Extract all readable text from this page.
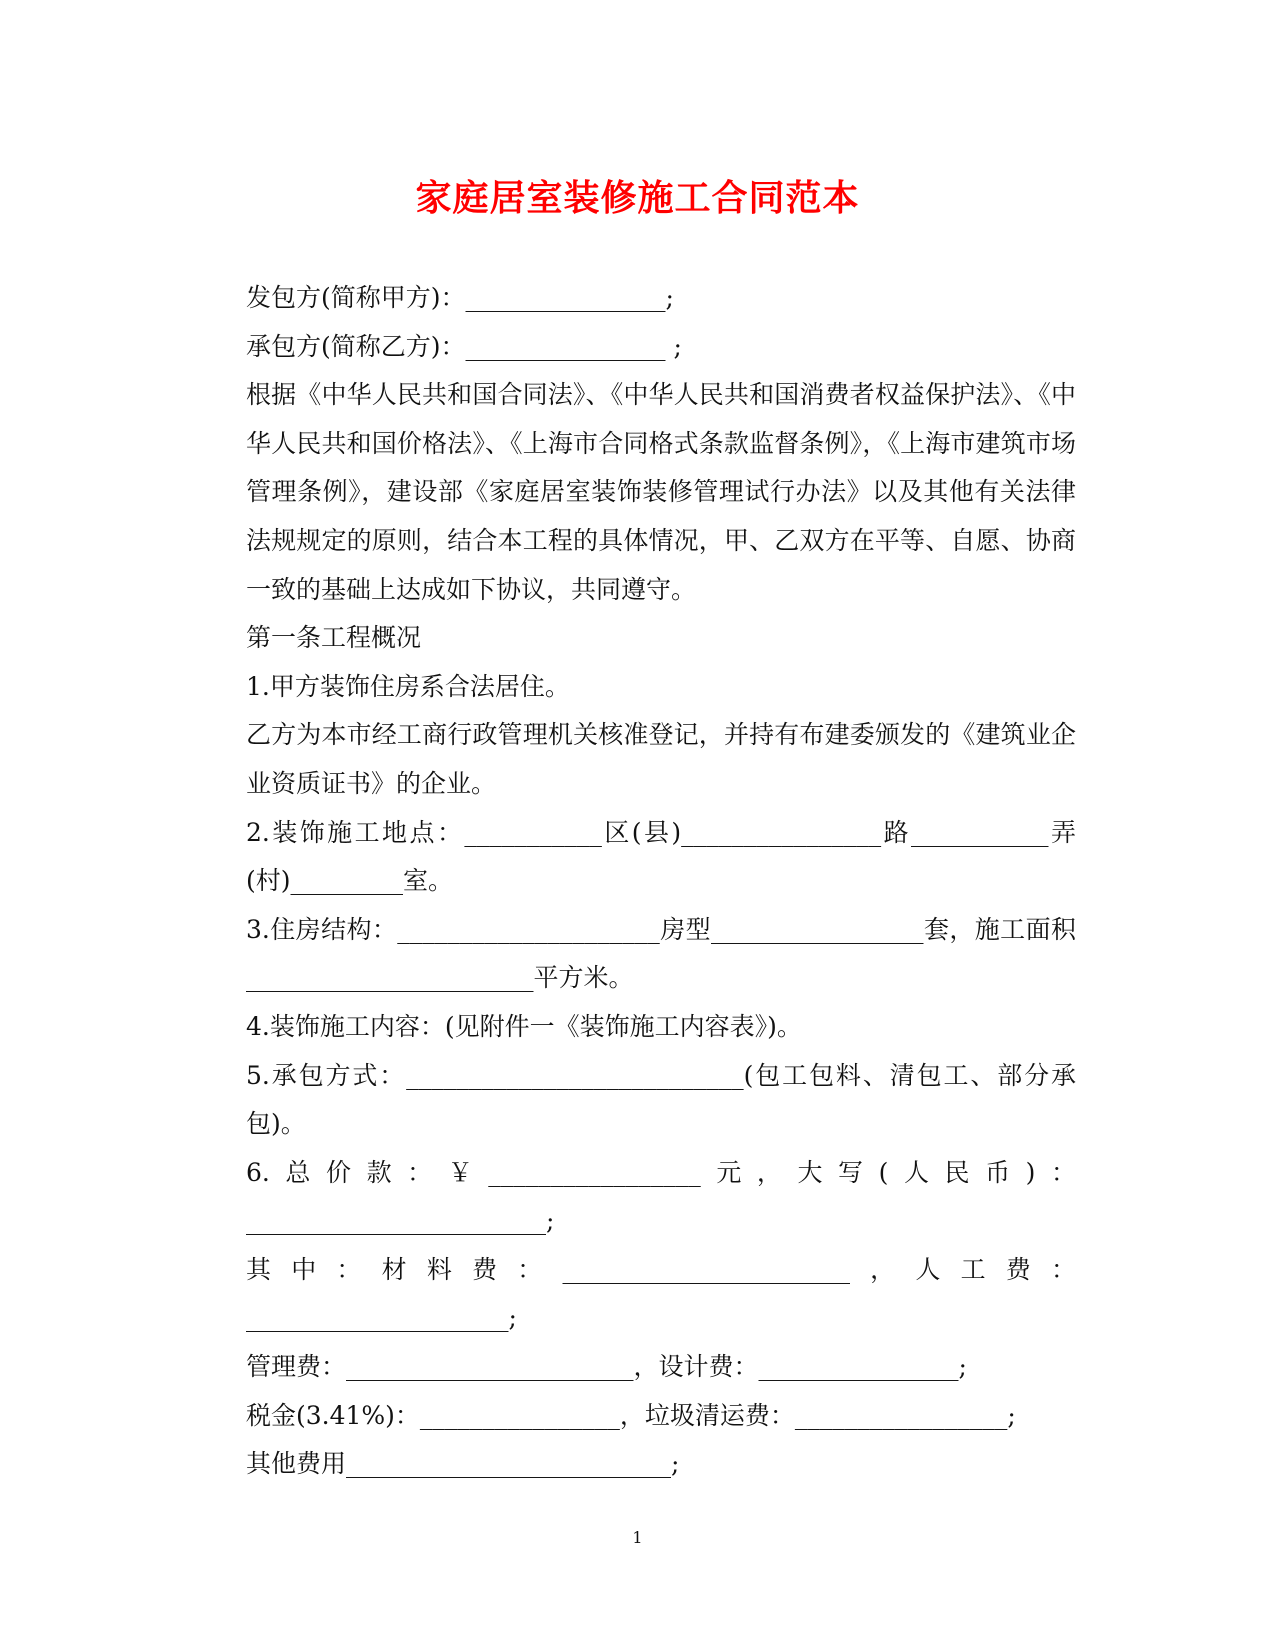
家庭居室装修施工合同范本

发包方(简称甲方)：________________;

承包方(简称乙方)：________________ ;

根据《中华人民共和国合同法》、《中华人民共和国消费者权益保护法》、《中华人民共和国价格法》、《上海市合同格式条款监督条例》，《上海市建筑市场管理条例》，建设部《家庭居室装饰装修管理试行办法》以及其他有关法律法规规定的原则，结合本工程的具体情况，甲、乙双方在平等、自愿、协商一致的基础上达成如下协议，共同遵守。

第一条工程概况

1.甲方装饰住房系合法居住。

乙方为本市经工商行政管理机关核准登记，并持有布建委颁发的《建筑业企业资质证书》的企业。

2.装饰施工地点：___________区(县)________________路___________弄(村)_________室。

3.住房结构：_____________________房型_________________套，施工面积_______________________平方米。

4.装饰施工内容：(见附件一《装饰施工内容表》)。

5.承包方式：___________________________(包工包料、清包工、部分承包)。

6.总价款：￥_________________元，大写(人民币)：________________________;

其中：材料费：_______________________，人工费：_____________________;

管理费：_______________________，设计费：________________;

税金(3.41%)：________________，垃圾清运费：_________________;

其他费用__________________________;

1
